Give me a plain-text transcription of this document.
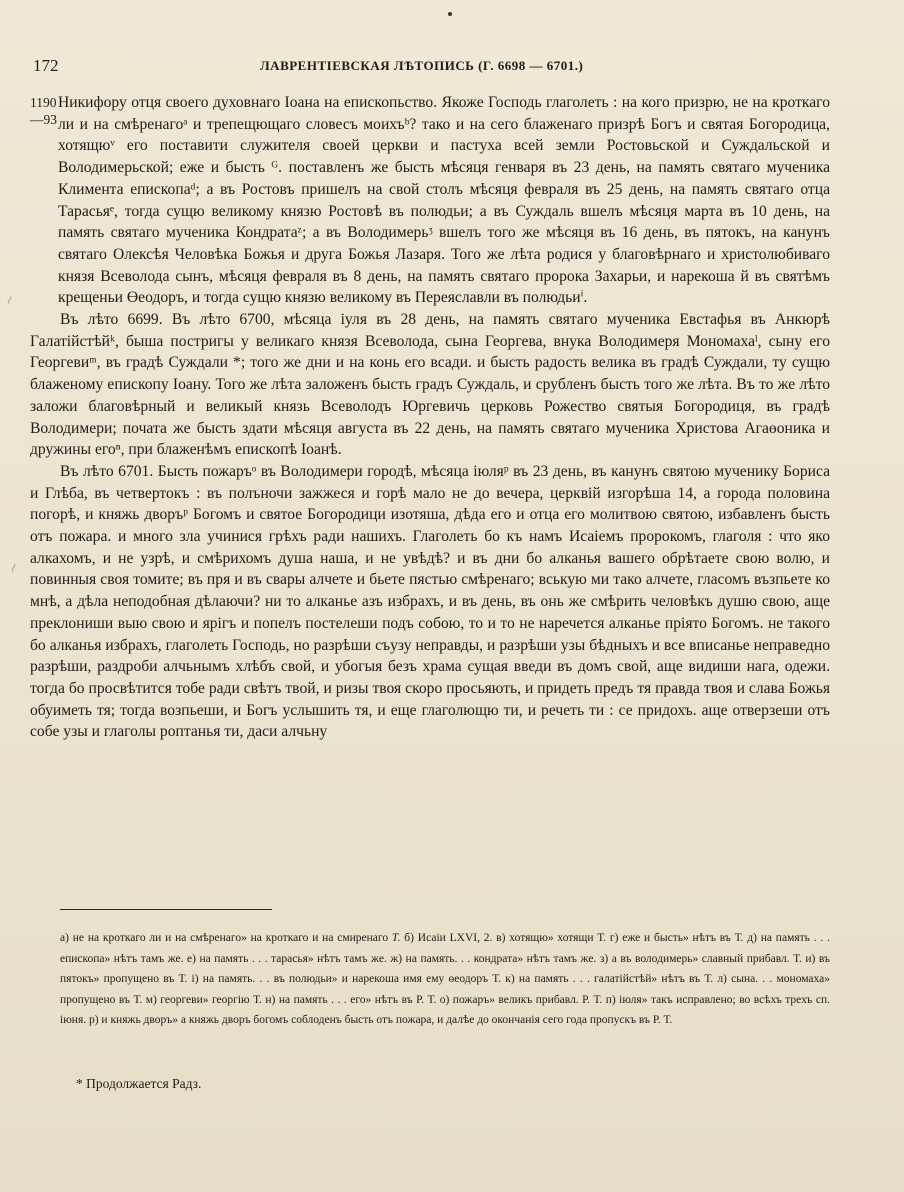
172	ЛАВРЕНТІЕВСКАЯ ЛѢТОПИСЬ (Г. 6698 — 6701.)
1190
—93

Никифору отця своего духовнаго Іоана на епископьство. Якоже Господь глаголеть : на кого призрю, не на кроткаго ли и на смѣренагоᵃ и трепещющаго словесъ моихъᵇ? тако и на сего блаженаго призрѣ Богъ и святая Богородица, хотящюᵛ его поставити служителя своей церкви и пастуха всей земли Ростовьской и Суждальской и Володимерьской; еже и бысть ᴳ. поставленъ же бысть мѣсяця генваря въ 23 день, на память святаго мученика Климента епископаᵈ; а въ Ростовъ пришелъ на свой столъ мѣсяця февраля въ 25 день, на память святаго отца Тарасьяᵉ, тогда сущю великому князю Ростовѣ въ полюдьи; а въ Суждаль вшелъ мѣсяця марта въ 10 день, на память святаго мученика Кондратаᶻ; а въ Володимерьᶾ вшелъ того же мѣсяця въ 16 день, въ пятокъ, на канунъ святаго Олексѣя Человѣка Божья и друга Божья Лазаря. Того же лѣта родися у благовѣрнаго и христолюбиваго князя Всеволода сынъ, мѣсяця февраля въ 8 день, на память святаго пророка Захарьи, и нарекоша й въ святѣмъ крещеньи Өеодоръ, и тогда сущю князю великому въ Переяславли въ полюдьиⁱ.

Въ лѣто 6699. Въ лѣто 6700, мѣсяца іуля въ 28 день, на память святаго мученика Евстафья въ Анкюрѣ Галатійстѣйᵏ, быша постригы у великаго князя Всеволода, сына Георгева, внука Володимеря Мономахаˡ, сыну его Георгевиᵐ, въ градѣ Суждали *; того же дни и на конь его всади. и бысть радость велика въ градѣ Суждали, ту сущю блаженому епископу Іоану. Того же лѣта заложенъ бысть градъ Суждаль, и срубленъ бысть того же лѣта. Въ то же лѣто заложи благовѣрный и великый князь Всеволодъ Юргевичь церковь Рожество святыя Богородиця, въ градѣ Володимери; почата же бысть здати мѣсяця августа въ 22 день, на память святаго мученика Христова Агаөоника и дружины егоⁿ, при блаженѣмъ епископѣ Іоанѣ.

Въ лѣто 6701. Бысть пожаръᵒ въ Володимери городѣ, мѣсяца іюляᵖ въ 23 день, въ канунъ святою мученику Бориса и Глѣба, въ четвертокъ : въ полъночи зажжеся и горѣ мало не до вечера, церквій изгорѣша 14, а города половина погорѣ, и княжь дворъᵖ Богомъ и святое Богородици изотяша, дѣда его и отца его молитвою святою, избавленъ бысть отъ пожара. и много зла учинися грѣхъ ради нашихъ. Глаголеть бо къ намъ Исаіемъ пророкомъ, глаголя : что яко алкахомъ, и не узрѣ, и смѣрихомъ душа наша, и не увѣдѣ? и въ дни бо алканья вашего обрѣтаете свою волю, и повинныя своя томите; въ пря и въ свары алчете и бьете пястью смѣренаго; вськую ми тако алчете, гласомъ възпьете ко мнѣ, а дѣла неподобная дѣлаючи? ни то алканье азъ избрахъ, и въ день, въ онь же смѣрить человѣкъ душю свою, аще преклониши выю свою и ярігъ и попелъ постелеши подъ собою, то и то не наречется алканье пріято Богомъ. не такого бо алканья избрахъ, глаголеть Господь, но разрѣши съузу неправды, и разрѣши узы бѣдныхъ и все вписанье неправедно разрѣши, раздроби алчьнымъ хлѣбъ свой, и убогыя безъ храма сущая введи въ домъ свой, аще видиши нага, одежи. тогда бо просвѣтится тобе ради свѣтъ твой, и ризы твоя скоро просьяють, и придеть предъ тя правда твоя и слава Божья обуиметь тя; тогда возпьеши, и Богъ услышить тя, и еще глаголющю ти, и речеть ти : се придохъ. аще отверзеши отъ собе узы и глаголы роптанья ти, даси алчьну

~
~

а) не на кроткаго ли и на смѣренаго» на кроткаго и на смиренаго Т. б) Исаіи LXVI, 2. в) хотящю» хотящи Т. г) еже и бысть» нѣтъ въ Т. д) на память . . . епископа» нѣтъ тамъ же. е) на память . . . тарасья» нѣтъ тамъ же. ж) на память. . . кондрата» нѣтъ тамъ же. з) а въ володимерь» славный прибавл. Т. и) въ пятокъ» пропущено въ Т. і) на память. . . въ полюдьи» и нарекоша имя ему өеодоръ Т. к) на память . . . галатійстѣй» нѣтъ въ Т. л) сына. . . мономаха» пропущено въ Т. м) георгеви» георгію Т. н) на память . . . его» нѣтъ въ Р. Т. о) пожаръ» великъ прибавл. Р. Т. п) іюля» такъ исправлено; во всѣхъ трехъ сп. іюня. р) и княжь дворъ» а княжь дворъ богомъ соблоденъ бысть отъ пожара, и далѣе до окончанія сего года пропускъ въ Р. Т.

* Продолжается Радз.
